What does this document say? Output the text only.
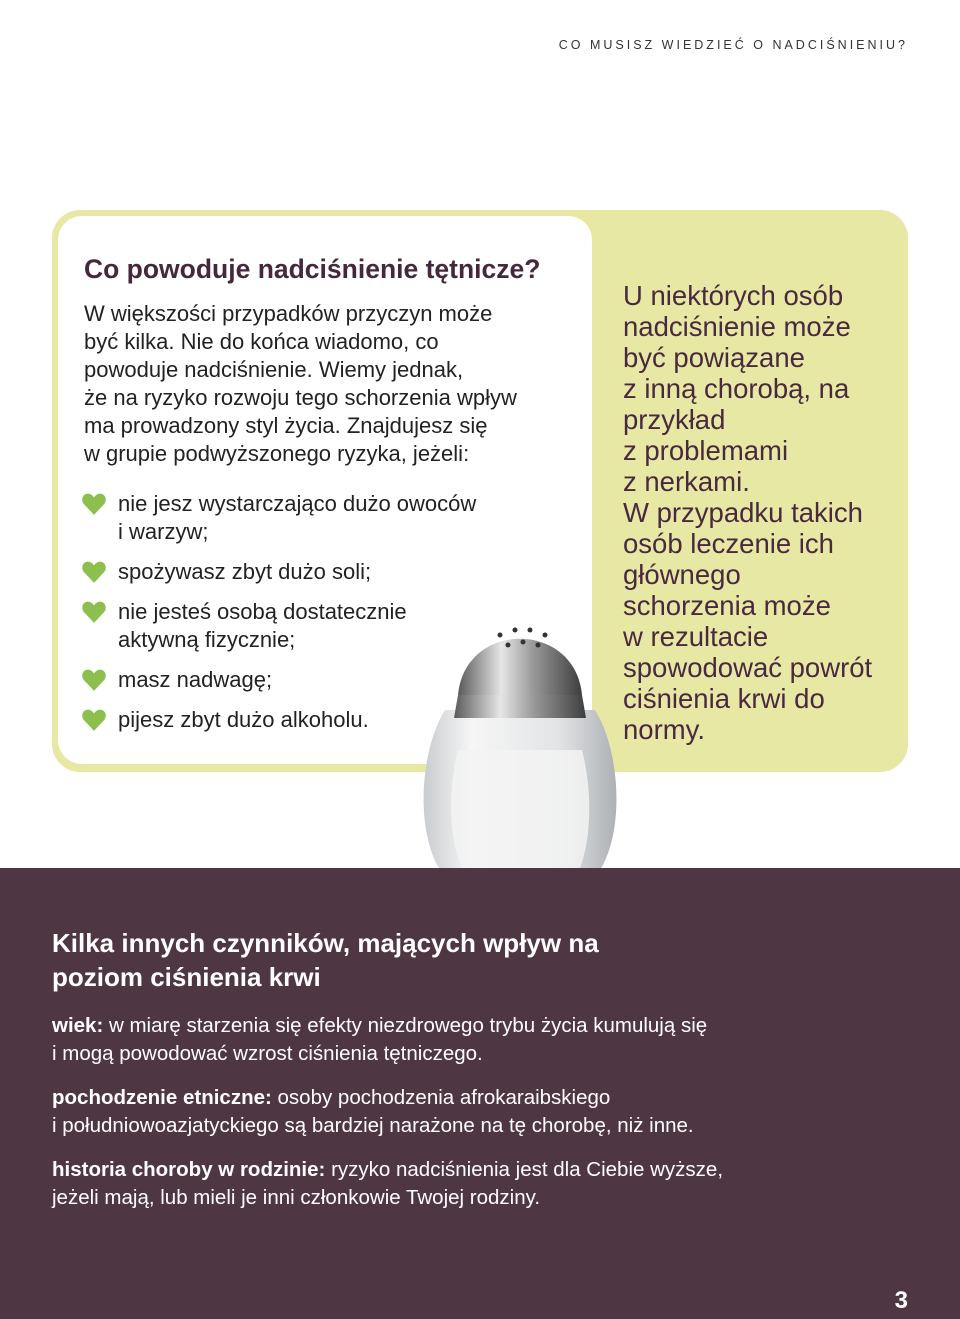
CO MUSISZ WIEDZIEĆ O NADCIŚNIENIU?
Co powoduje nadciśnienie tętnicze?

W większości przypadków przyczyn może
być kilka. Nie do końca wiadomo, co
powoduje nadciśnienie. Wiemy jednak,
że na ryzyko rozwoju tego schorzenia wpływ
ma prowadzony styl życia. Znajdujesz się
w grupie podwyższonego ryzyka, jeżeli:

nie jesz wystarczająco dużo owoców
i warzyw;
spożywasz zbyt dużo soli;
nie jesteś osobą dostatecznie
aktywną fizycznie;
masz nadwagę;
pijesz zbyt dużo alkoholu.
U niektórych osób
nadciśnienie może
być powiązane
z inną chorobą, na
przykład
z problemami
z nerkami.
W przypadku takich
osób leczenie ich
głównego
schorzenia może
w rezultacie
spowodować powrót
ciśnienia krwi do
normy.
Kilka innych czynników, mających wpływ na
poziom ciśnienia krwi

wiek: w miarę starzenia się efekty niezdrowego trybu życia kumulują się
i mogą powodować wzrost ciśnienia tętniczego.

pochodzenie etniczne: osoby pochodzenia afrokaraibskiego
i południowoazjatyckiego są bardziej narażone na tę chorobę, niż inne.

historia choroby w rodzinie: ryzyko nadciśnienia jest dla Ciebie wyższe,
jeżeli mają, lub mieli je inni członkowie Twojej rodziny.

3
